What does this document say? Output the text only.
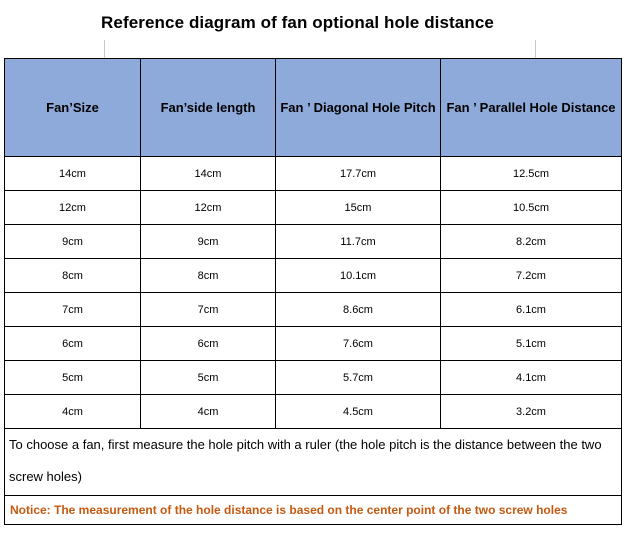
Reference diagram of fan optional hole distance
Fan’Size	Fan’side length	Fan ’ Diagonal Hole Pitch	Fan ’ Parallel Hole Distance
14cm	14cm	17.7cm	12.5cm
12cm	12cm	15cm	10.5cm
9cm	9cm	11.7cm	8.2cm
8cm	8cm	10.1cm	7.2cm
7cm	7cm	8.6cm	6.1cm
6cm	6cm	7.6cm	5.1cm
5cm	5cm	5.7cm	4.1cm
4cm	4cm	4.5cm	3.2cm
To choose a fan, first measure the hole pitch with a ruler (the hole pitch is the distance between the two screw holes)			
Notice: The measurement of the hole distance is based on the center point of the two screw holes			
